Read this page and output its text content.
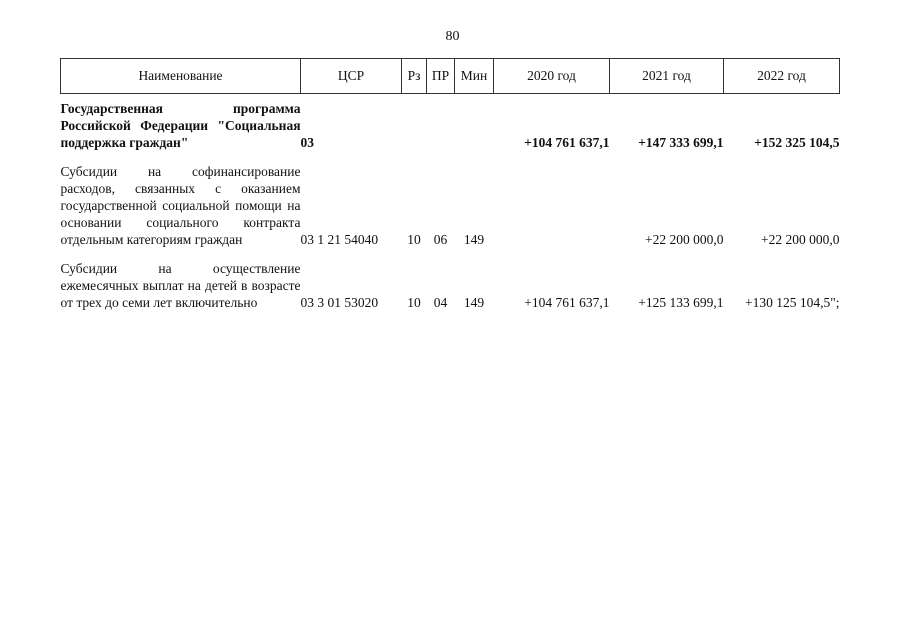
80
Наименование	ЦСР	Рз	ПР	Мин	2020 год	2021 год	2022 год

Государственная программа Российской Федерации "Социальная поддержка граждан"	03				+104 761 637,1	+147 333 699,1	+152 325 104,5

Субсидии на софинансирование расходов, связанных с оказанием государственной социальной помощи на основании социального контракта отдельным категориям граждан	03 1 21 54040	10	06	149		+22 200 000,0	+22 200 000,0

Субсидии на осуществление ежемесячных выплат на детей в возрасте от трех до семи лет включительно	03 3 01 53020	10	04	149	+104 761 637,1	+125 133 699,1	+130 125 104,5";
